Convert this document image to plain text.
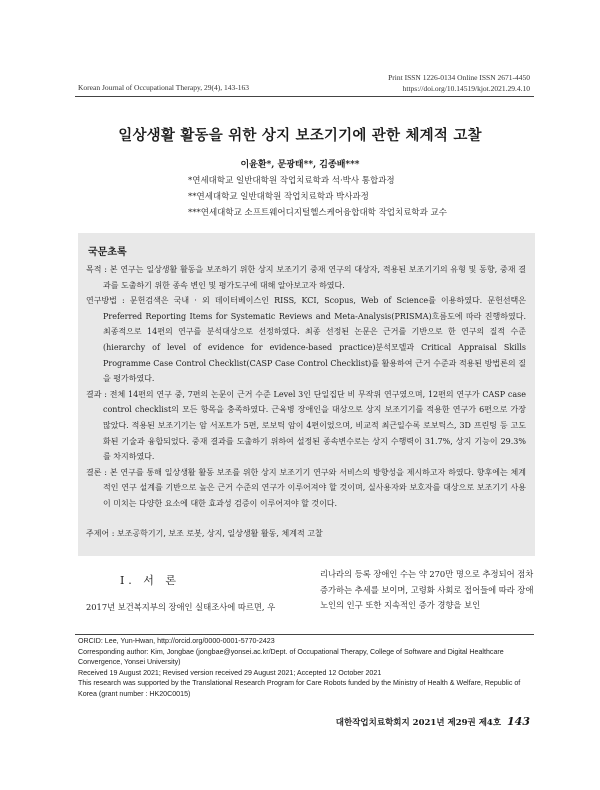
Korean Journal of Occupational Therapy, 29(4), 143-163
Print ISSN 1226-0134 Online ISSN 2671-4450
https://doi.org/10.14519/kjot.2021.29.4.10
일상생활 활동을 위한 상지 보조기기에 관한 체계적 고찰
이윤환*, 문광태**, 김종배***
*연세대학교 일반대학원 작업치료학과 석·박사 통합과정
**연세대학교 일반대학원 작업치료학과 박사과정
***연세대학교 소프트웨어디지털헬스케어융합대학 작업치료학과 교수
국문초록

목적 : 본 연구는 일상생활 활동을 보조하기 위한 상지 보조기기 중재 연구의 대상자, 적용된 보조기기의 유형 및 동향, 중재 결과를 도출하기 위한 종속 변인 및 평가도구에 대해 알아보고자 하였다.

연구방법 : 문헌검색은 국내 · 외 데이터베이스인 RISS, KCI, Scopus, Web of Science를 이용하였다. 문헌선택은 Preferred Reporting Items for Systematic Reviews and Meta-Analysis(PRISMA)흐름도에 따라 진행하였다. 최종적으로 14편의 연구를 분석대상으로 선정하였다. 최종 선정된 논문은 근거를 기반으로 한 연구의 질적 수준(hierarchy of level of evidence for evidence-based practice)분석모델과 Critical Appraisal Skills Programme Case Control Checklist(CASP Case Control Checklist)를 활용하여 근거 수준과 적용된 방법론의 질을 평가하였다.

결과 : 전체 14편의 연구 중, 7편의 논문이 근거 수준 Level 3인 단일집단 비 무작위 연구였으며, 12편의 연구가 CASP case control checklist의 모든 항목을 충족하였다. 근육병 장애인을 대상으로 상지 보조기기를 적용한 연구가 6편으로 가장 많았다. 적용된 보조기기는 암 서포트가 5편, 로보틱 암이 4편이었으며, 비교적 최근일수록 로보틱스, 3D 프린팅 등 고도화된 기술과 융합되었다. 중재 결과를 도출하기 위하여 설정된 종속변수로는 상지 수행력이 31.7%, 상지 기능이 29.3%를 차지하였다.

결론 : 본 연구를 통해 일상생활 활동 보조를 위한 상지 보조기기 연구와 서비스의 방향성을 제시하고자 하였다. 향후에는 체계적인 연구 설계를 기반으로 높은 근거 수준의 연구가 이루어져야 할 것이며, 실사용자와 보호자를 대상으로 보조기기 사용이 미치는 다양한 요소에 대한 효과성 검증이 이루어져야 할 것이다.

주제어 : 보조공학기기, 보조 로봇, 상지, 일상생활 활동, 체계적 고찰
I. 서 론
2017년 보건복지부의 장애인 실태조사에 따르면, 우
리나라의 등록 장애인 수는 약 270만 명으로 추정되어 점차 증가하는 추세를 보이며, 고령화 사회로 접어들에 따라 장애 노인의 인구 또한 지속적인 증가 경향을 보인
ORCID: Lee, Yun-Hwan, http://orcid.org/0000-0001-5770-2423
Corresponding author: Kim, Jongbae (jongbae@yonsei.ac.kr/Dept. of Occupational Therapy, College of Software and Digital Healthcare Convergence, Yonsei University)
Received 19 August 2021; Revised version received 29 August 2021; Accepted 12 October 2021
This research was supported by the Translational Research Program for Care Robots funded by the Ministry of Health & Welfare, Republic of Korea (grant number : HK20C0015)
대한작업치료학회지 2021년 제29권 제4호 143
